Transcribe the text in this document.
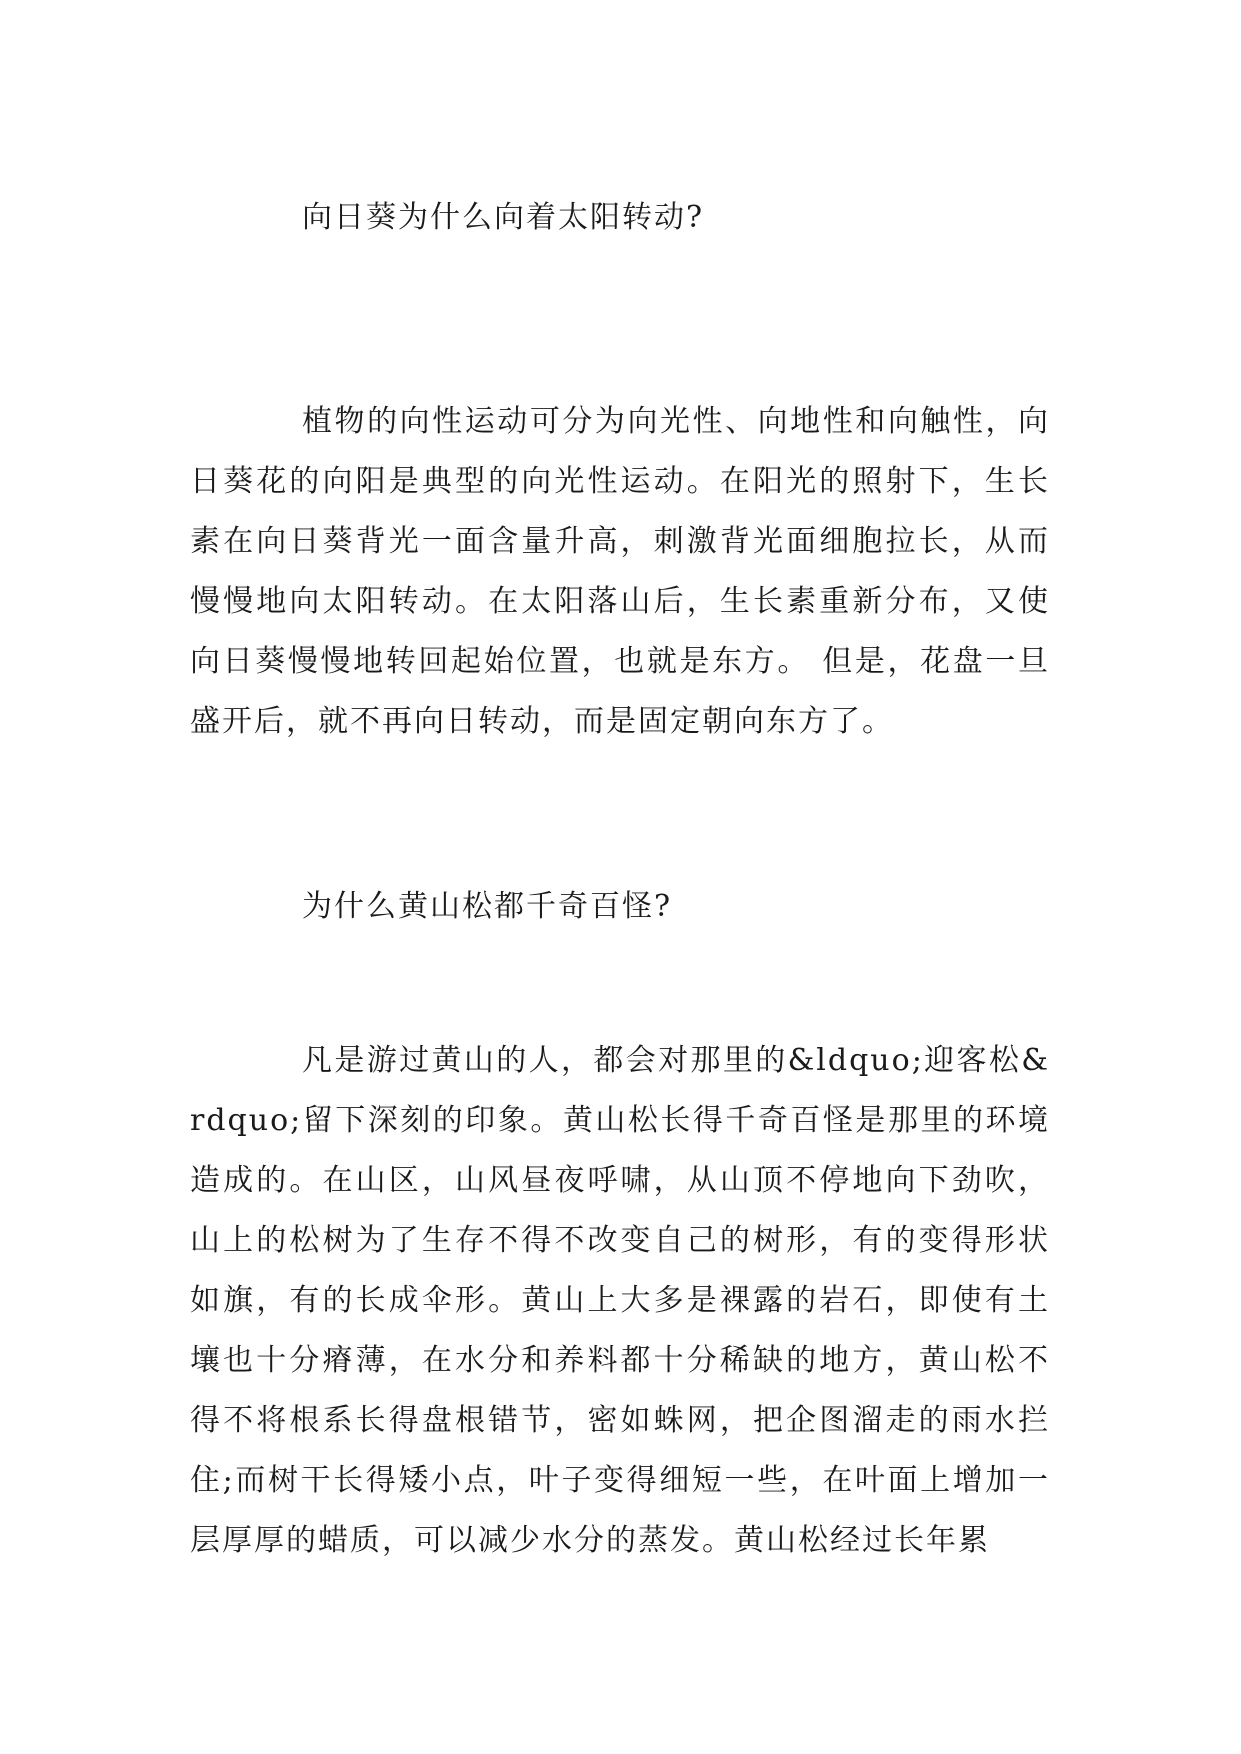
向日葵为什么向着太阳转动?

植物的向性运动可分为向光性、向地性和向触性，向日葵花的向阳是典型的向光性运动。在阳光的照射下，生长素在向日葵背光一面含量升高，刺激背光面细胞拉长，从而慢慢地向太阳转动。在太阳落山后，生长素重新分布，又使向日葵慢慢地转回起始位置，也就是东方。 但是，花盘一旦盛开后，就不再向日转动，而是固定朝向东方了。

为什么黄山松都千奇百怪?

凡是游过黄山的人，都会对那里的&ldquo;迎客松&rdquo;留下深刻的印象。黄山松长得千奇百怪是那里的环境造成的。在山区，山风昼夜呼啸，从山顶不停地向下劲吹，山上的松树为了生存不得不改变自己的树形，有的变得形状如旗，有的长成伞形。黄山上大多是裸露的岩石，即使有土壤也十分瘠薄，在水分和养料都十分稀缺的地方，黄山松不得不将根系长得盘根错节，密如蛛网，把企图溜走的雨水拦住;而树干长得矮小点，叶子变得细短一些，在叶面上增加一层厚厚的蜡质，可以减少水分的蒸发。黄山松经过长年累
